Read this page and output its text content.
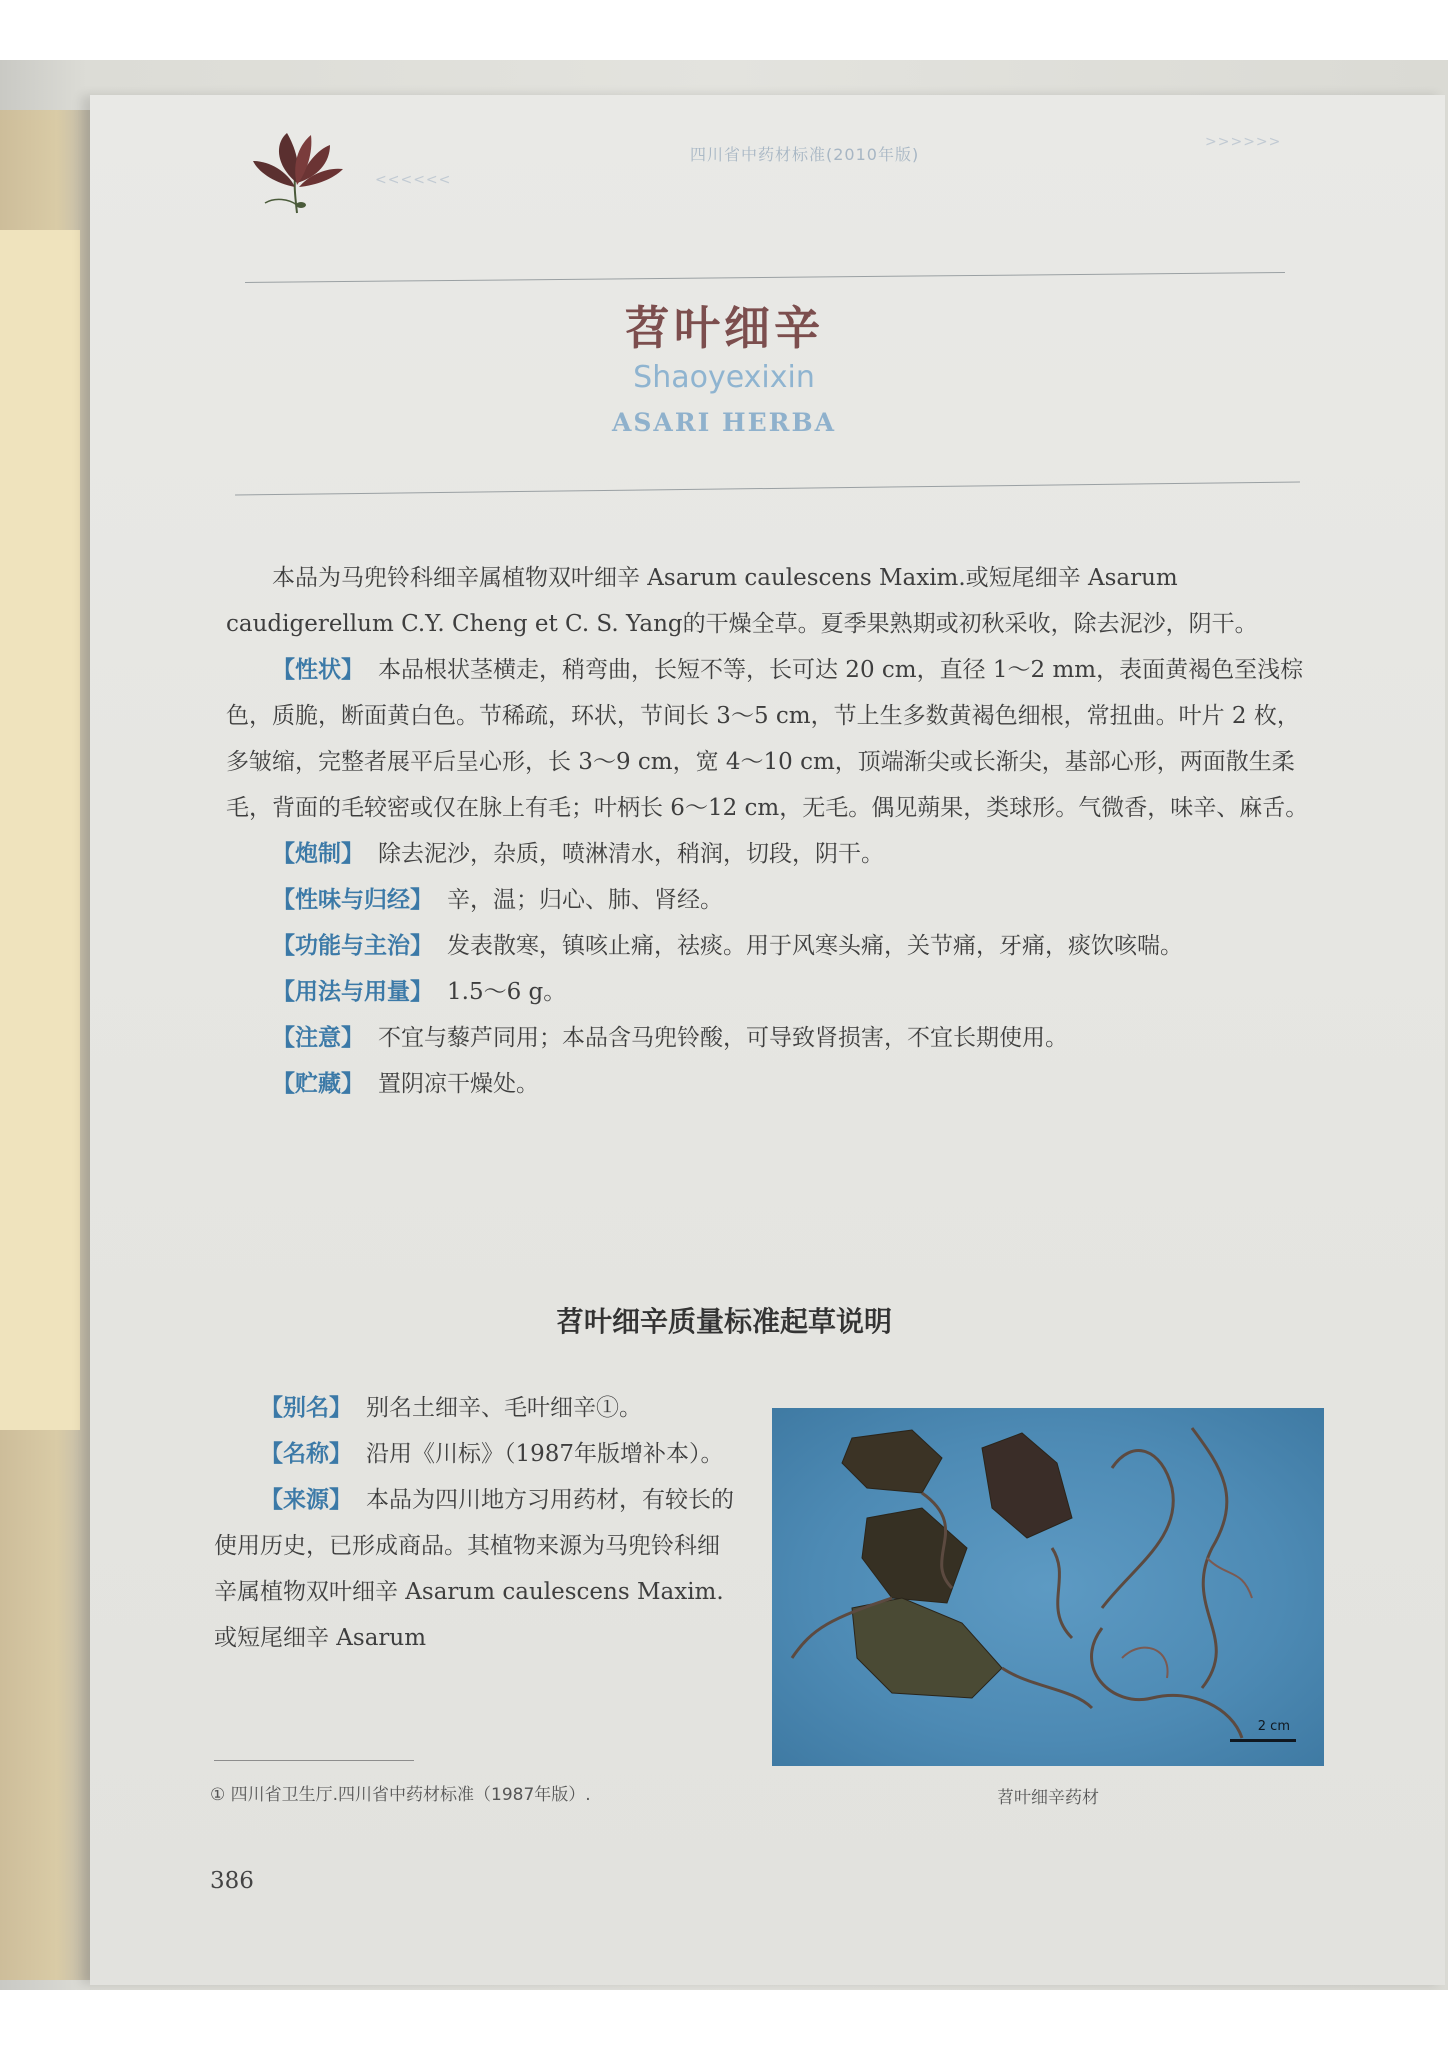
<<<<<<
四川省中药材标准(2010年版)
>>>>>>
苕叶细辛
Shaoyexixin
ASARI HERBA

本品为马兜铃科细辛属植物双叶细辛 Asarum caulescens Maxim.或短尾细辛 Asarum caudigerellum C.Y. Cheng et C. S. Yang的干燥全草。夏季果熟期或初秋采收，除去泥沙，阴干。

【性状】 本品根状茎横走，稍弯曲，长短不等，长可达 20 cm，直径 1～2 mm，表面黄褐色至浅棕色，质脆，断面黄白色。节稀疏，环状，节间长 3～5 cm，节上生多数黄褐色细根，常扭曲。叶片 2 枚，多皱缩，完整者展平后呈心形，长 3～9 cm，宽 4～10 cm，顶端渐尖或长渐尖，基部心形，两面散生柔毛，背面的毛较密或仅在脉上有毛；叶柄长 6～12 cm，无毛。偶见蒴果，类球形。气微香，味辛、麻舌。

【炮制】 除去泥沙，杂质，喷淋清水，稍润，切段，阴干。

【性味与归经】 辛，温；归心、肺、肾经。

【功能与主治】 发表散寒，镇咳止痛，祛痰。用于风寒头痛，关节痛，牙痛，痰饮咳喘。

【用法与用量】 1.5～6 g。

【注意】 不宜与藜芦同用；本品含马兜铃酸，可导致肾损害，不宜长期使用。

【贮藏】 置阴凉干燥处。

苕叶细辛质量标准起草说明

【别名】 别名土细辛、毛叶细辛①。

【名称】 沿用《川标》（1987年版增补本）。

【来源】 本品为四川地方习用药材，有较长的使用历史，已形成商品。其植物来源为马兜铃科细辛属植物双叶细辛 Asarum caulescens Maxim.或短尾细辛 Asarum

2 cm
苕叶细辛药材
① 四川省卫生厅.四川省中药材标准（1987年版）.
386
